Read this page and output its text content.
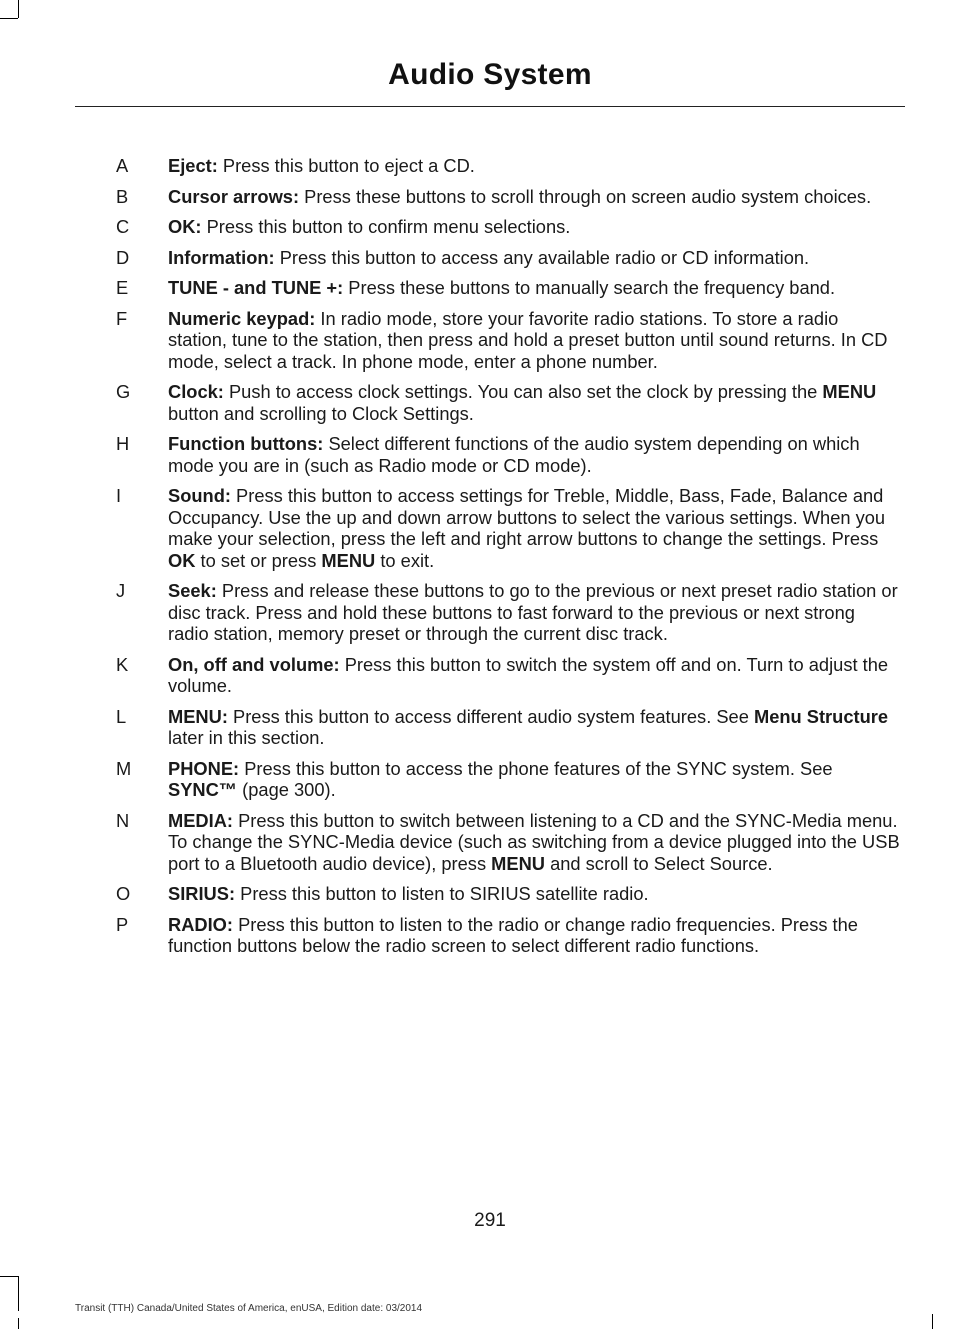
Audio System
A	Eject: Press this button to eject a CD.
B	Cursor arrows: Press these buttons to scroll through on screen audio system choices.
C	OK: Press this button to confirm menu selections.
D	Information: Press this button to access any available radio or CD information.
E	TUNE - and TUNE +: Press these buttons to manually search the frequency band.
F	Numeric keypad: In radio mode, store your favorite radio stations. To store a radio station, tune to the station, then press and hold a preset button until sound returns. In CD mode, select a track. In phone mode, enter a phone number.
G	Clock: Push to access clock settings. You can also set the clock by pressing the MENU button and scrolling to Clock Settings.
H	Function buttons: Select different functions of the audio system depending on which mode you are in (such as Radio mode or CD mode).
I	Sound: Press this button to access settings for Treble, Middle, Bass, Fade, Balance and Occupancy. Use the up and down arrow buttons to select the various settings. When you make your selection, press the left and right arrow buttons to change the settings. Press OK to set or press MENU to exit.
J	Seek: Press and release these buttons to go to the previous or next preset radio station or disc track. Press and hold these buttons to fast forward to the previous or next strong radio station, memory preset or through the current disc track.
K	On, off and volume: Press this button to switch the system off and on. Turn to adjust the volume.
L	MENU: Press this button to access different audio system features. See Menu Structure later in this section.
M	PHONE: Press this button to access the phone features of the SYNC system. See SYNC™ (page 300).
N	MEDIA: Press this button to switch between listening to a CD and the SYNC-Media menu. To change the SYNC-Media device (such as switching from a device plugged into the USB port to a Bluetooth audio device), press MENU and scroll to Select Source.
O	SIRIUS: Press this button to listen to SIRIUS satellite radio.
P	RADIO: Press this button to listen to the radio or change radio frequencies. Press the function buttons below the radio screen to select different radio functions.
291
Transit (TTH) Canada/United States of America, enUSA, Edition date: 03/2014
